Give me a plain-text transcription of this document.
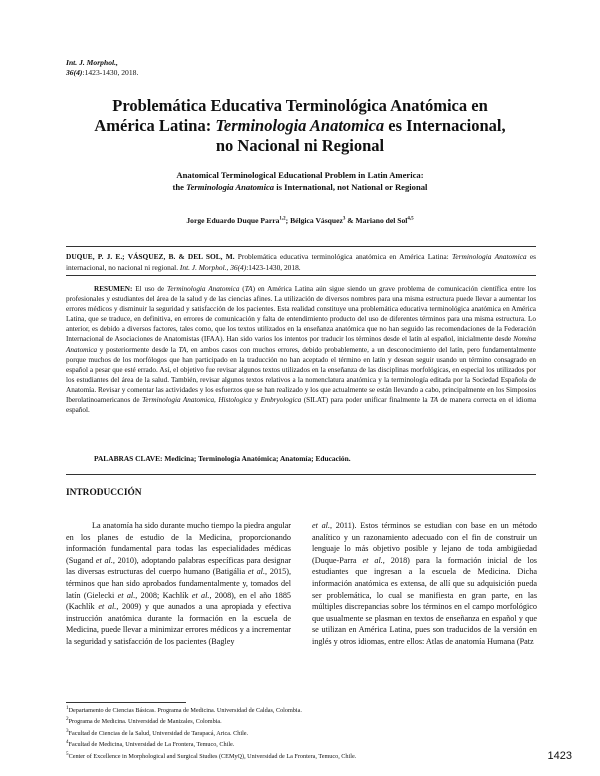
Int. J. Morphol.,
36(4):1423-1430, 2018.
Problemática Educativa Terminológica Anatómica en
América Latina: Terminologia Anatomica es Internacional,
no Nacional ni Regional
Anatomical Terminological Educational Problem in Latin America:
the Terminologia Anatomica is International, not National or Regional
Jorge Eduardo Duque Parra$^{1,2}$; Bélgica Vásquez$^3$ & Mariano del Sol$^{4,5}$
DUQUE, P. J. E.; VÁSQUEZ, B. & DEL SOL, M. Problemática educativa terminológica anatómica en América Latina: Terminologia Anatomica es internacional, no nacional ni regional. Int. J. Morphol., 36(4):1423-1430, 2018.
RESUMEN: El uso de Terminologia Anatomica (TA) en América Latina aún sigue siendo un grave problema de comunicación científica entre los profesionales y estudiantes del área de la salud y de las ciencias afines. La utilización de diversos nombres para una misma estructura puede llevar a aumentar los errores médicos y disminuir la seguridad y satisfacción de los pacientes. Esta realidad constituye una problemática educativa terminológica anatómica en América Latina, que se traduce, en definitiva, en errores de comunicación y falta de entendimiento producto del uso de diferentes términos para una misma estructura. Lo anterior, es debido a diversos factores, tales como, que los textos utilizados en la enseñanza anatómica que no han seguido las recomendaciones de la Federación Internacional de Asociaciones de Anatomistas (IFAA). Han sido varios los intentos por traducir los términos desde el latín al español, inicialmente desde Nomina Anatomica y posteriormente desde la TA, en ambos casos con muchos errores, debido probablemente, a un desconocimiento del latín, pero fundamentalmente porque muchos de los morfólogos que han participado en la traducción no han aceptado el término en latín y desean seguir usando un término consagrado en español a pesar que esté errado. Así, el objetivo fue revisar algunos textos utilizados en la enseñanza de las disciplinas morfológicas, en especial los utilizados por los estudiantes del área de la salud. También, revisar algunos textos relativos a la nomenclatura anatómica y la terminología editada por la Sociedad Española de Anatomía. Revisar y comentar las actividades y los esfuerzos que se han realizado y los que actualmente se están llevando a cabo, principalmente en los Simposios Iberolatinoamericanos de Terminologia Anatomica, Histologica y Embryologica (SILAT) para poder unificar finalmente la TA de manera correcta en el idioma español.
PALABRAS CLAVE: Medicina; Terminología Anatómica; Anatomía; Educación.
INTRODUCCIÓN
La anatomía ha sido durante mucho tiempo la piedra angular en los planes de estudio de la Medicina, proporcionando información fundamental para todas las especialidades médicas (Sugand et al., 2010), adoptando palabras específicas para designar las diversas estructuras del cuerpo humano (Batigália et al., 2015), términos que han sido aprobados fundamentalmente y, tomados del latín (Gielecki et al., 2008; Kachlík et al., 2008), en el año 1885 (Kachlík et al., 2009) y que aunados a una apropiada y efectiva instrucción anatómica durante la formación en la escuela de Medicina, puede llevar a minimizar errores médicos y a incrementar la seguridad y satisfacción de los pacientes (Bagley
et al., 2011). Estos términos se estudian con base en un método analítico y un razonamiento adecuado con el fin de construir un lenguaje lo más objetivo posible y lejano de toda ambigüedad (Duque-Parra et al., 2018) para la formación inicial de los estudiantes que ingresan a la escuela de Medicina. Dicha información anatómica es extensa, de allí que su adquisición pueda ser problemática, lo cual se manifiesta en gran parte, en las múltiples discrepancias sobre los términos en el campo morfológico que usualmente se plasman en textos de enseñanza en español y que se utilizan en América Latina, pues son traducidos de la versión en inglés y otros idiomas, entre ellos: Atlas de anatomía Humana (Patz
$^1$Departamento de Ciencias Básicas. Programa de Medicina. Universidad de Caldas, Colombia.
$^2$Programa de Medicina. Universidad de Manizales, Colombia.
$^3$Facultad de Ciencias de la Salud, Universidad de Tarapacá, Arica. Chile.
$^4$Facultad de Medicina, Universidad de La Frontera, Temuco, Chile.
$^5$Center of Excellence in Morphological and Surgical Studies (CEMyQ), Universidad de La Frontera, Temuco, Chile.	1423
